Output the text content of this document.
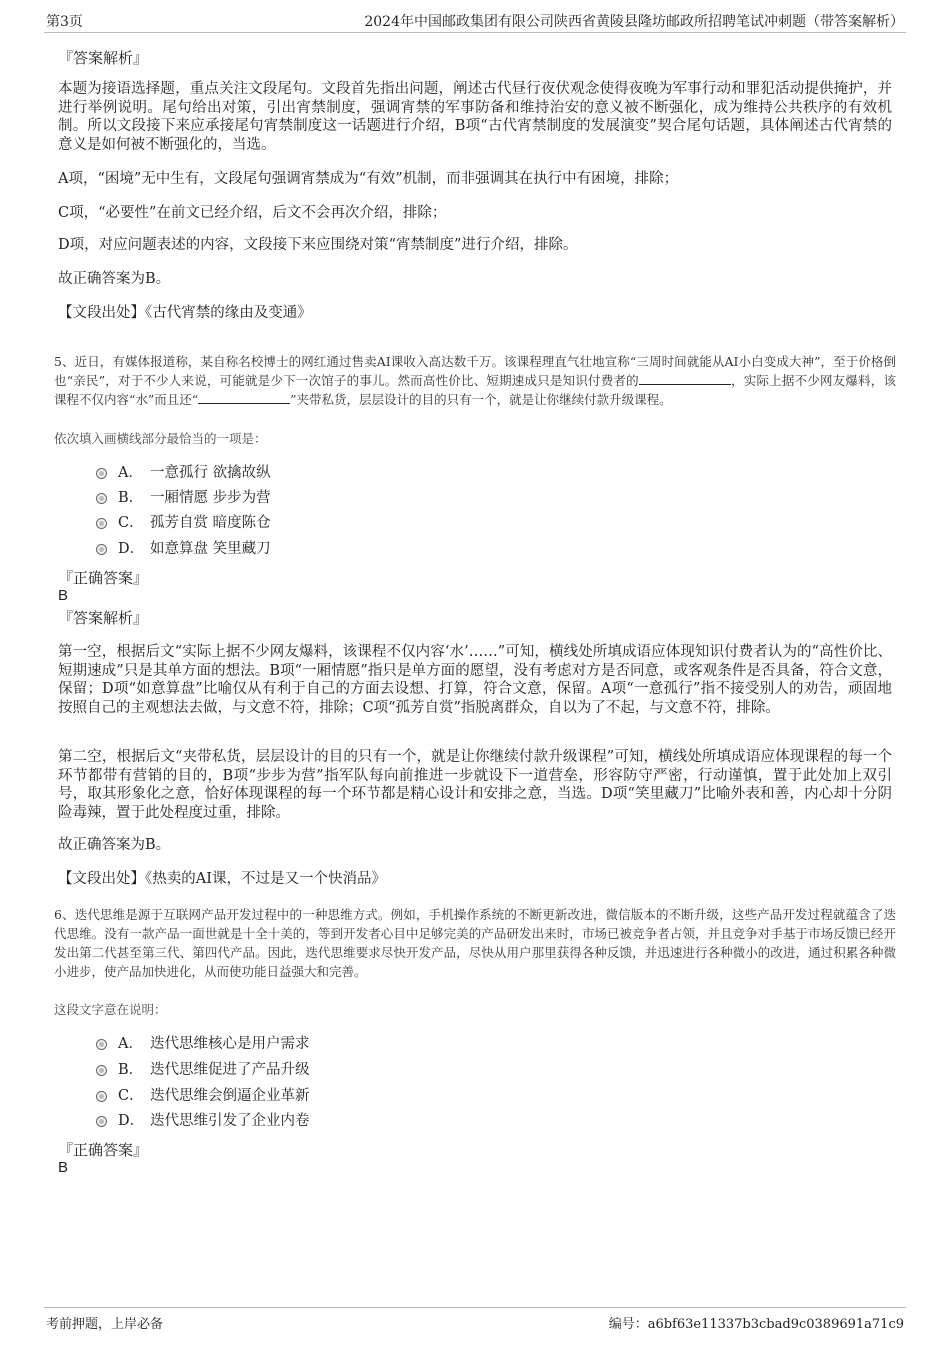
第3页	2024年中国邮政集团有限公司陕西省黄陵县隆坊邮政所招聘笔试冲刺题（带答案解析）
『答案解析』

本题为接语选择题，重点关注文段尾句。文段首先指出问题，阐述古代昼行夜伏观念使得夜晚为军事行动和罪犯活动提供掩护，并进行举例说明。尾句给出对策，引出宵禁制度，强调宵禁的军事防备和维持治安的意义被不断强化，成为维持公共秩序的有效机制。所以文段接下来应承接尾句宵禁制度这一话题进行介绍，B项“古代宵禁制度的发展演变”契合尾句话题，具体阐述古代宵禁的意义是如何被不断强化的，当选。

A项，“困境”无中生有，文段尾句强调宵禁成为“有效”机制，而非强调其在执行中有困境，排除；

C项，“必要性”在前文已经介绍，后文不会再次介绍，排除；

D项，对应问题表述的内容，文段接下来应围绕对策“宵禁制度”进行介绍，排除。

故正确答案为B。

【文段出处】《古代宵禁的缘由及变通》

5、近日，有媒体报道称，某自称名校博士的网红通过售卖AI课收入高达数千万。该课程理直气壮地宣称“三周时间就能从AI小白变成大神”，至于价格倒也“亲民”，对于不少人来说，可能就是少下一次馆子的事儿。然而高性价比、短期速成只是知识付费者的	，实际上据不少网友爆料，该课程不仅内容“水”而且还“	”夹带私货，层层设计的目的只有一个，就是让你继续付款升级课程。

依次填入画横线部分最恰当的一项是：
A． 一意孤行 欲擒故纵
B． 一厢情愿 步步为营
C． 孤芳自赏 暗度陈仓
D． 如意算盘 笑里藏刀
『正确答案』
B
『答案解析』

第一空，根据后文“实际上据不少网友爆料，该课程不仅内容‘水’……”可知，横线处所填成语应体现知识付费者认为的“高性价比、短期速成”只是其单方面的想法。B项“一厢情愿”指只是单方面的愿望，没有考虑对方是否同意，或客观条件是否具备，符合文意，保留；D项“如意算盘”比喻仅从有利于自己的方面去设想、打算，符合文意，保留。A项“一意孤行”指不接受别人的劝告，顽固地按照自己的主观想法去做，与文意不符，排除；C项“孤芳自赏”指脱离群众，自以为了不起，与文意不符，排除。

第二空，根据后文“夹带私货，层层设计的目的只有一个，就是让你继续付款升级课程”可知，横线处所填成语应体现课程的每一个环节都带有营销的目的，B项“步步为营”指军队每向前推进一步就设下一道营垒，形容防守严密，行动谨慎，置于此处加上双引号，取其形象化之意，恰好体现课程的每一个环节都是精心设计和安排之意，当选。D项“笑里藏刀”比喻外表和善，内心却十分阴险毒辣，置于此处程度过重，排除。

故正确答案为B。

【文段出处】《热卖的AI课，不过是又一个快消品》

6、迭代思维是源于互联网产品开发过程中的一种思维方式。例如，手机操作系统的不断更新改进，微信版本的不断升级，这些产品开发过程就蕴含了迭代思维。没有一款产品一面世就是十全十美的，等到开发者心目中足够完美的产品研发出来时，市场已被竞争者占领，并且竞争对手基于市场反馈已经开发出第二代甚至第三代、第四代产品。因此，迭代思维要求尽快开发产品，尽快从用户那里获得各种反馈，并迅速进行各种微小的改进，通过积累各种微小进步，使产品加快进化，从而使功能日益强大和完善。

这段文字意在说明：
A． 迭代思维核心是用户需求
B． 迭代思维促进了产品升级
C． 迭代思维会倒逼企业革新
D． 迭代思维引发了企业内卷
『正确答案』
B
考前押题，上岸必备	编号：a6bf63e11337b3cbad9c0389691a71c9
